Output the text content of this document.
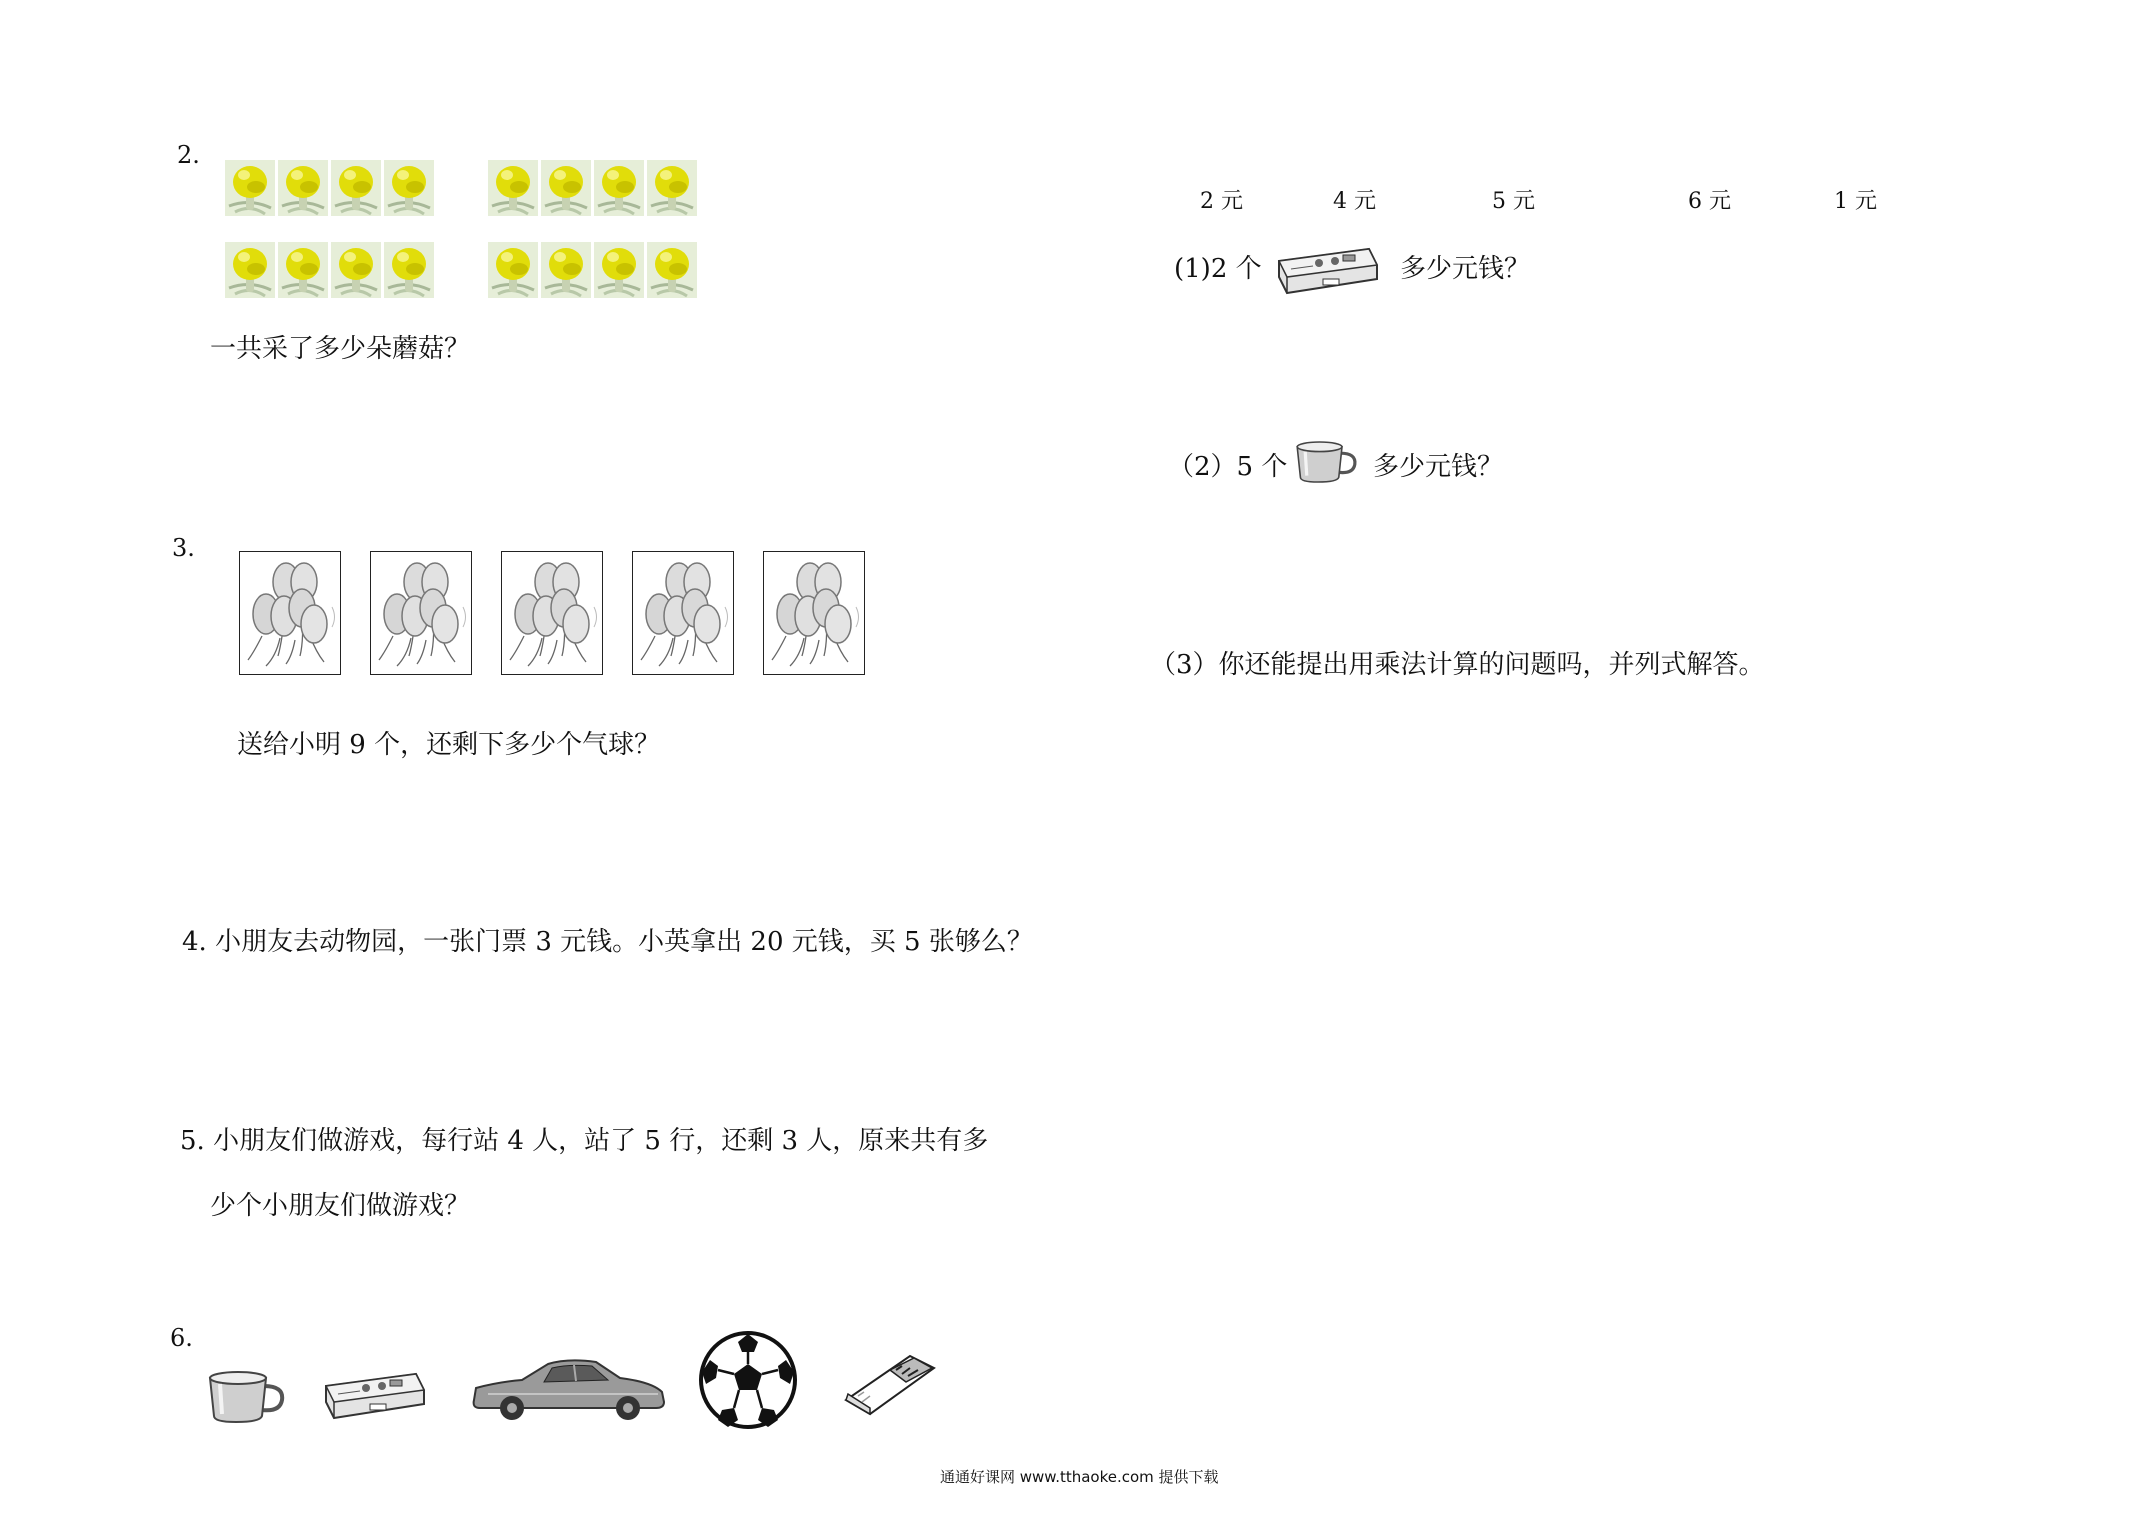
2.
一共采了多少朵蘑菇？
3.
送给小明 9 个，还剩下多少个气球？
4. 小朋友去动物园，一张门票 3 元钱。小英拿出 20 元钱，买 5 张够么？
5. 小朋友们做游戏，每行站 4 人，站了 5 行，还剩 3 人，原来共有多
少个小朋友们做游戏？
6.
2 元	4 元	5 元	6 元	1 元
(1)2 个	多少元钱？
（2）5 个	多少元钱？
（3）你还能提出用乘法计算的问题吗，并列式解答。
通通好课网 www.tthaoke.com 提供下载
